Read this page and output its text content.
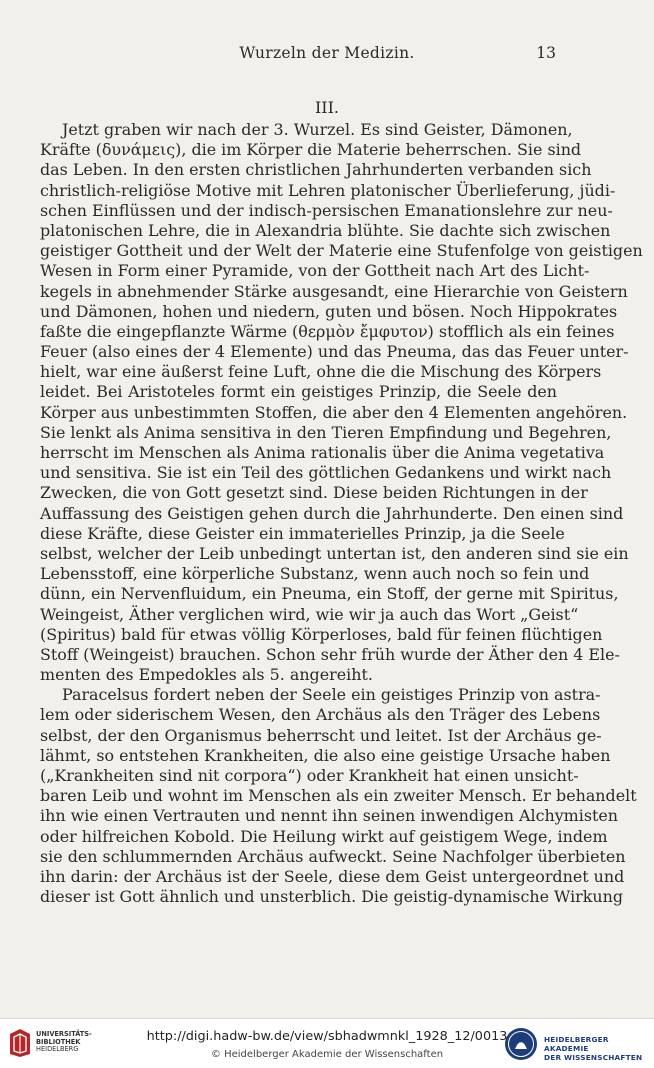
Wurzeln der Medizin.	13
III.
Jetzt graben wir nach der 3. Wurzel. Es sind Geister, Dämonen,
Kräfte (δυνάμεις), die im Körper die Materie beherrschen. Sie sind
das Leben. In den ersten christlichen Jahrhunderten verbanden sich
christlich-religiöse Motive mit Lehren platonischer Überlieferung, jüdi-
schen Einflüssen und der indisch-persischen Emanationslehre zur neu-
platonischen Lehre, die in Alexandria blühte. Sie dachte sich zwischen
geistiger Gottheit und der Welt der Materie eine Stufenfolge von geistigen
Wesen in Form einer Pyramide, von der Gottheit nach Art des Licht-
kegels in abnehmender Stärke ausgesandt, eine Hierarchie von Geistern
und Dämonen, hohen und niedern, guten und bösen. Noch Hippokrates
faßte die eingepflanzte Wärme (θερμὸν ἔμφυτον) stofflich als ein feines
Feuer (also eines der 4 Elemente) und das Pneuma, das das Feuer unter-
hielt, war eine äußerst feine Luft, ohne die die Mischung des Körpers
leidet. Bei Aristoteles formt ein geistiges Prinzip, die Seele den
Körper aus unbestimmten Stoffen, die aber den 4 Elementen angehören.
Sie lenkt als Anima sensitiva in den Tieren Empfindung und Begehren,
herrscht im Menschen als Anima rationalis über die Anima vegetativa
und sensitiva. Sie ist ein Teil des göttlichen Gedankens und wirkt nach
Zwecken, die von Gott gesetzt sind. Diese beiden Richtungen in der
Auffassung des Geistigen gehen durch die Jahrhunderte. Den einen sind
diese Kräfte, diese Geister ein immaterielles Prinzip, ja die Seele
selbst, welcher der Leib unbedingt untertan ist, den anderen sind sie ein
Lebensstoff, eine körperliche Substanz, wenn auch noch so fein und
dünn, ein Nervenfluidum, ein Pneuma, ein Stoff, der gerne mit Spiritus,
Weingeist, Äther verglichen wird, wie wir ja auch das Wort „Geist“
(Spiritus) bald für etwas völlig Körperloses, bald für feinen flüchtigen
Stoff (Weingeist) brauchen. Schon sehr früh wurde der Äther den 4 Ele-
menten des Empedokles als 5. angereiht.
Paracelsus fordert neben der Seele ein geistiges Prinzip von astra-
lem oder siderischem Wesen, den Archäus als den Träger des Lebens
selbst, der den Organismus beherrscht und leitet. Ist der Archäus ge-
lähmt, so entstehen Krankheiten, die also eine geistige Ursache haben
(„Krankheiten sind nit corpora“) oder Krankheit hat einen unsicht-
baren Leib und wohnt im Menschen als ein zweiter Mensch. Er behandelt
ihn wie einen Vertrauten und nennt ihn seinen inwendigen Alchymisten
oder hilfreichen Kobold. Die Heilung wirkt auf geistigem Wege, indem
sie den schlummernden Archäus aufweckt. Seine Nachfolger überbieten
ihn darin: der Archäus ist der Seele, diese dem Geist untergeordnet und
dieser ist Gott ähnlich und unsterblich. Die geistig-dynamische Wirkung
UNIVERSITÄTS-
BIBLIOTHEK
HEIDELBERG
http://digi.hadw-bw.de/view/sbhadwmnkl_1928_12/0013
© Heidelberger Akademie der Wissenschaften
HEIDELBERGER AKADEMIE
DER WISSENSCHAFTEN
